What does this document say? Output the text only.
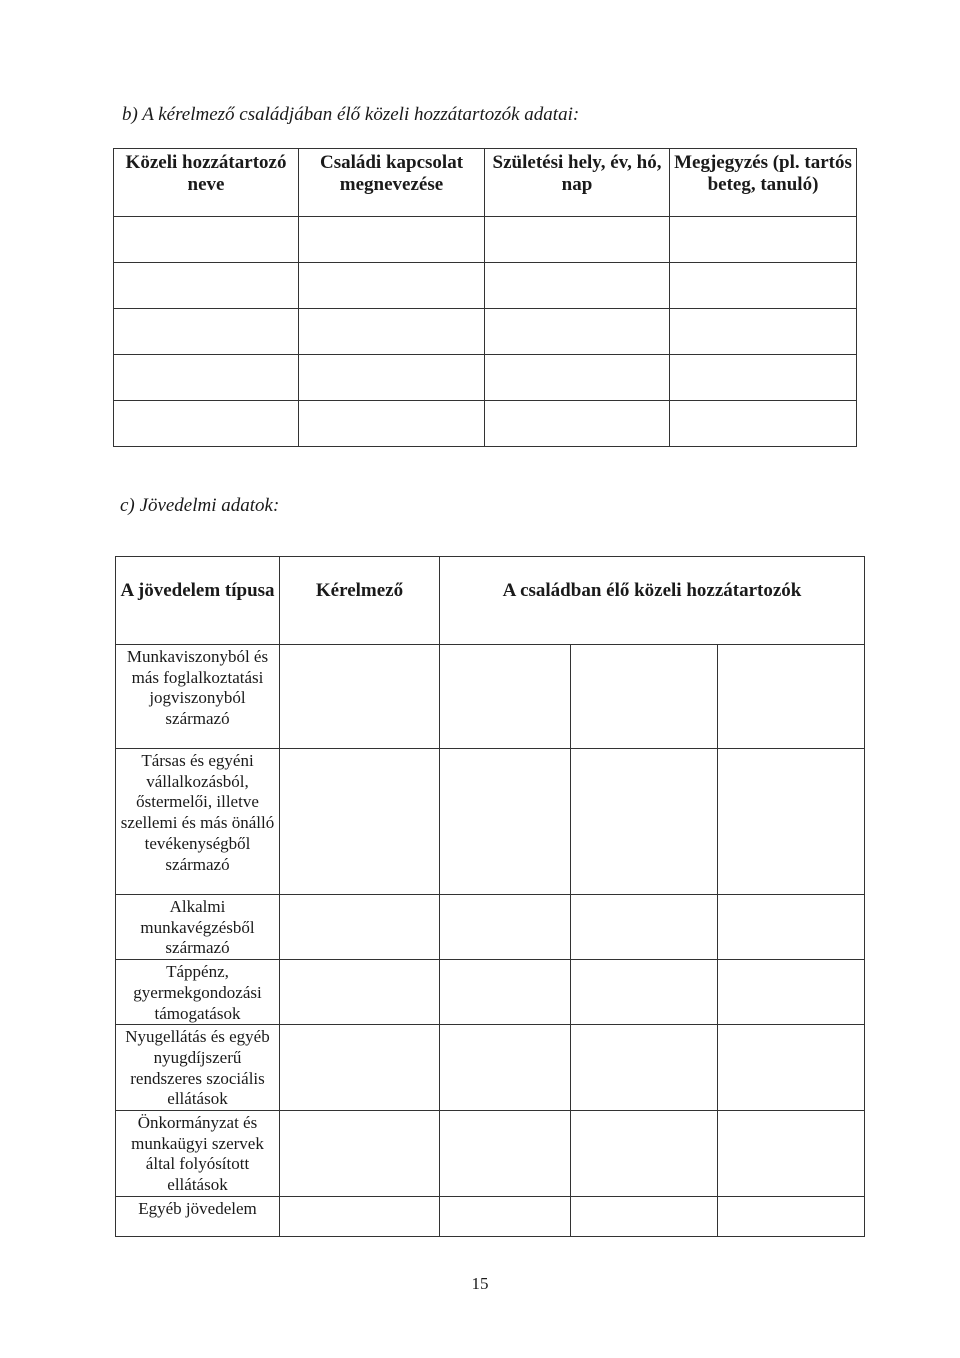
b) A kérelmező családjában élő közeli hozzátartozók adatai:

Közeli hozzátartozó neve	Családi kapcsolat megnevezése	Születési hely, év, hó, nap	Megjegyzés (pl. tartós beteg, tanuló)

c) Jövedelmi adatok:

A jövedelem típusa	Kérelmező	A családban élő közeli hozzátartozók		
Munkaviszonyból és más foglalkoztatási jogviszonyból származó				
Társas és egyéni vállalkozásból, őstermelői, illetve szellemi és más önálló tevékenységből származó				
Alkalmi munkavégzésből származó				
Táppénz, gyermekgondozási támogatások				
Nyugellátás és egyéb nyugdíjszerű rendszeres szociális ellátások				
Önkormányzat és munkaügyi szervek által folyósított ellátások				
Egyéb jövedelem				
15
